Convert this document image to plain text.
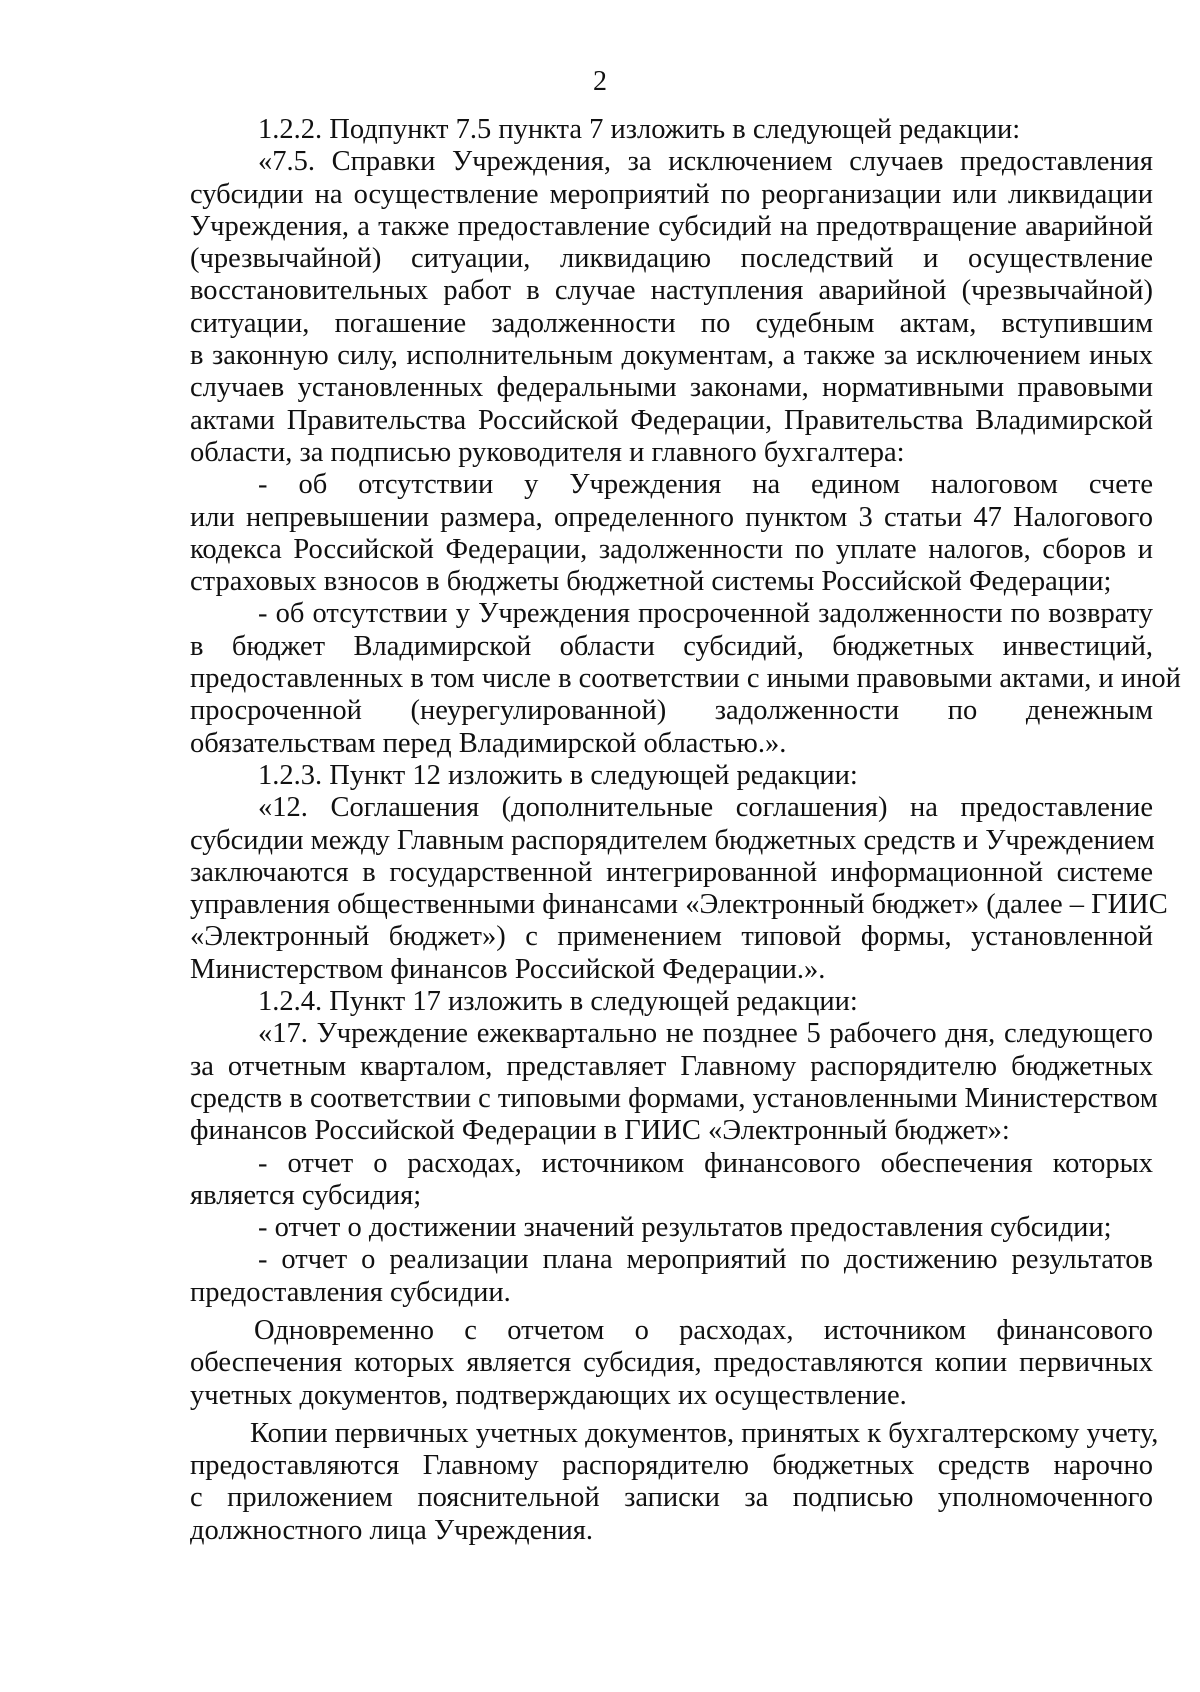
2
1.2.2. Подпункт 7.5 пункта 7 изложить в следующей редакции:
«7.5. Справки Учреждения, за исключением случаев предоставления
субсидии на осуществление мероприятий по реорганизации или ликвидации
Учреждения, а также предоставление субсидий на предотвращение аварийной
(чрезвычайной) ситуации, ликвидацию последствий и осуществление
восстановительных работ в случае наступления аварийной (чрезвычайной)
ситуации, погашение задолженности по судебным актам, вступившим
в законную силу, исполнительным документам, а также за исключением иных
случаев установленных федеральными законами, нормативными правовыми
актами Правительства Российской Федерации, Правительства Владимирской
области, за подписью руководителя и главного бухгалтера:
- об отсутствии у Учреждения на едином налоговом счете
или непревышении размера, определенного пунктом 3 статьи 47 Налогового
кодекса Российской Федерации, задолженности по уплате налогов, сборов и
страховых взносов в бюджеты бюджетной системы Российской Федерации;
- об отсутствии у Учреждения просроченной задолженности по возврату
в бюджет Владимирской области субсидий, бюджетных инвестиций,
предоставленных в том числе в соответствии с иными правовыми актами, и иной
просроченной (неурегулированной) задолженности по денежным
обязательствам перед Владимирской областью.».
1.2.3. Пункт 12 изложить в следующей редакции:
«12. Соглашения (дополнительные соглашения) на предоставление
субсидии между Главным распорядителем бюджетных средств и Учреждением
заключаются в государственной интегрированной информационной системе
управления общественными финансами «Электронный бюджет» (далее – ГИИС
«Электронный бюджет») с применением типовой формы, установленной
Министерством финансов Российской Федерации.».
1.2.4. Пункт 17 изложить в следующей редакции:
«17. Учреждение ежеквартально не позднее 5 рабочего дня, следующего
за отчетным кварталом, представляет Главному распорядителю бюджетных
средств в соответствии с типовыми формами, установленными Министерством
финансов Российской Федерации в ГИИС «Электронный бюджет»:
- отчет о расходах, источником финансового обеспечения которых
является субсидия;
- отчет о достижении значений результатов предоставления субсидии;
- отчет о реализации плана мероприятий по достижению результатов
предоставления субсидии.
Одновременно с отчетом о расходах, источником финансового
обеспечения которых является субсидия, предоставляются копии первичных
учетных документов, подтверждающих их осуществление.
Копии первичных учетных документов, принятых к бухгалтерскому учету,
предоставляются Главному распорядителю бюджетных средств нарочно
с приложением пояснительной записки за подписью уполномоченного
должностного лица Учреждения.
